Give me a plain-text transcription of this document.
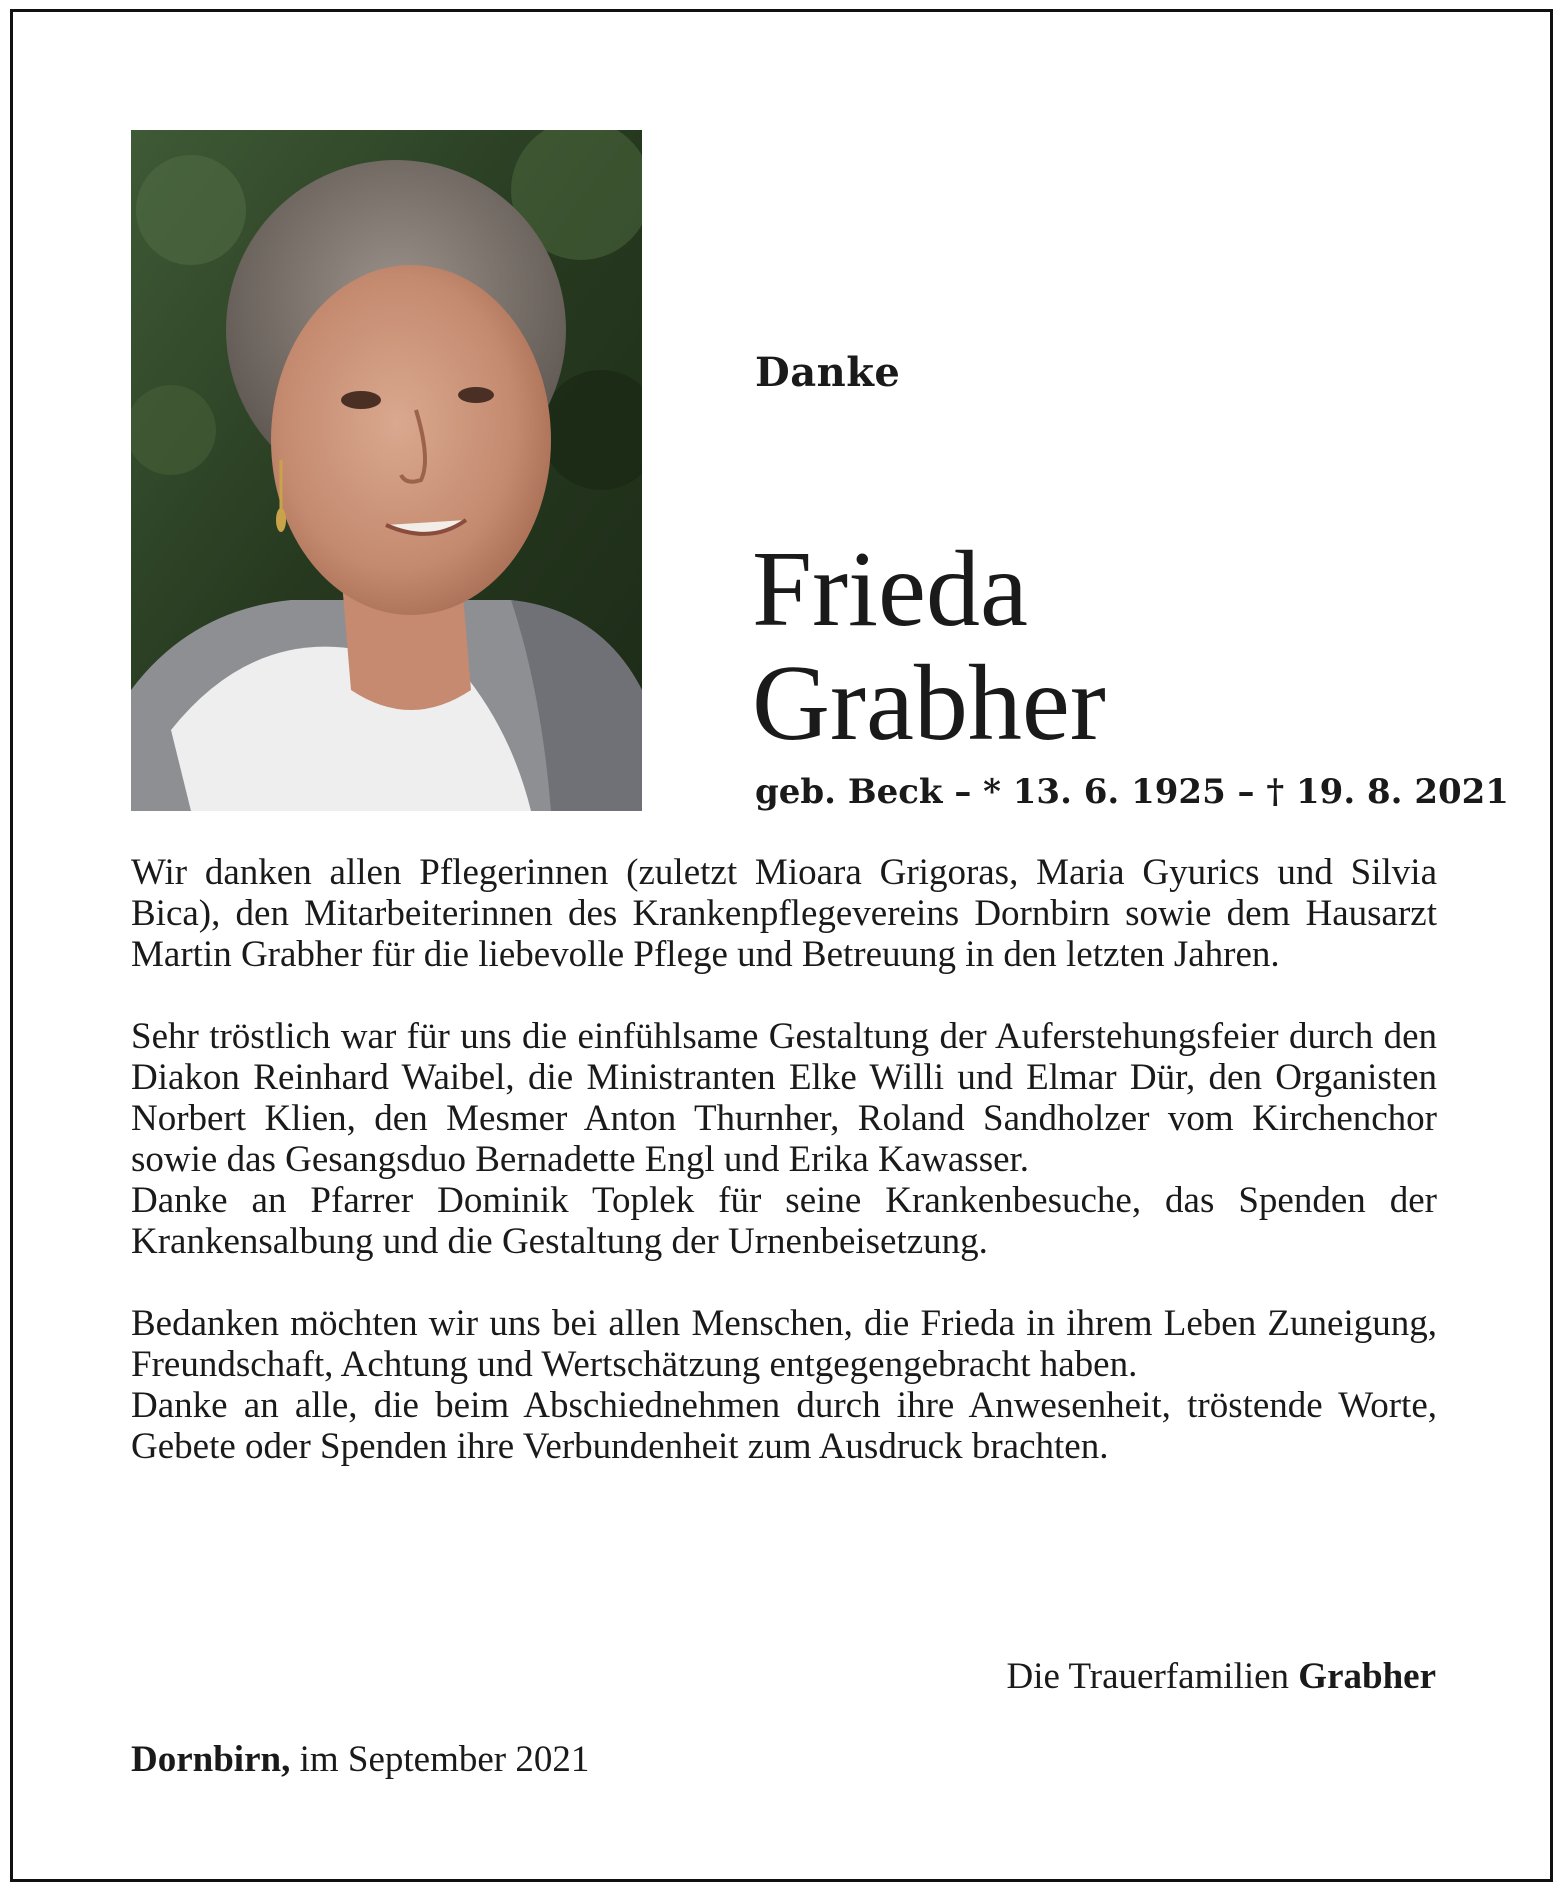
Danke
Frieda
Grabher
geb. Beck – * 13. 6. 1925 – † 19. 8. 2021

Wir danken allen Pflegerinnen (zuletzt Mioara Grigoras, Maria Gyurics und Silvia Bica), den Mitarbeiterinnen des Krankenpflegevereins Dornbirn sowie dem Hausarzt Martin Grabher für die liebevolle Pflege und Betreuung in den letzten Jahren.

Sehr tröstlich war für uns die einfühlsame Gestaltung der Auferstehungsfeier durch den Diakon Reinhard Waibel, die Ministranten Elke Willi und Elmar Dür, den Organisten Norbert Klien, den Mesmer Anton Thurnher, Roland Sandholzer vom Kirchenchor sowie das Gesangsduo Bernadette Engl und Erika Kawasser.

Danke an Pfarrer Dominik Toplek für seine Krankenbesuche, das Spenden der Krankensalbung und die Gestaltung der Urnenbeisetzung.

Bedanken möchten wir uns bei allen Menschen, die Frieda in ihrem Leben Zuneigung, Freundschaft, Achtung und Wertschätzung entgegengebracht haben.

Danke an alle, die beim Abschiednehmen durch ihre Anwesenheit, tröstende Worte, Gebete oder Spenden ihre Verbundenheit zum Ausdruck brachten.

Die Trauerfamilien Grabher
Dornbirn, im September 2021
